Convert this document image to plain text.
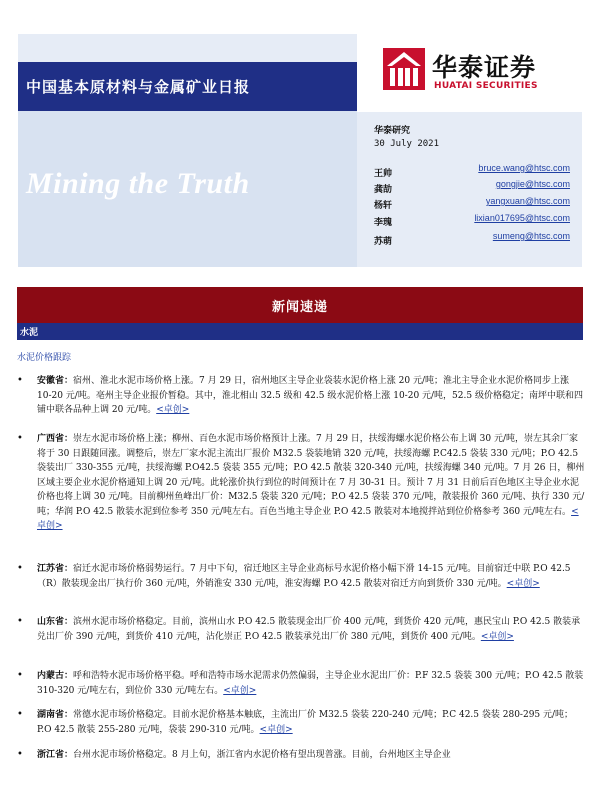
中国基本原材料与金属矿业日报
Mining the Truth
华泰证券
HUATAI SECURITIES
华泰研究
30 July 2021
王帅
bruce.wang@htsc.com
龚劼
gongjie@htsc.com
杨轩	yangxuan@htsc.com
李瑰	lixian017695@htsc.com
苏萌
sumeng@htsc.com
新闻速递
水泥
水泥价格跟踪
• 安徽省：宿州、淮北水泥市场价格上涨。7 月 29 日，宿州地区主导企业袋装水泥价格上涨 20 元/吨；淮北主导企业水泥价格同步上涨 10-20 元/吨。亳州主导企业报价暂稳。其中，淮北相山 32.5 级和 42.5 级水泥价格上涨 10-20 元/吨，52.5 级价格稳定；南坪中联和四铺中联各品种上调 20 元/吨。<卓创>
• 广西省：崇左水泥市场价格上涨；柳州、百色水泥市场价格预计上涨。7 月 29 日，扶绥海螺水泥价格公布上调 30 元/吨，崇左其余厂家将于 30 日跟随回涨。调整后，崇左厂家水泥主流出厂报价 M32.5 袋装地销 320 元/吨，扶绥海螺 P.C42.5 袋装 330 元/吨；P.O 42.5 袋装出厂 330-355 元/吨，扶绥海螺 P.O42.5 袋装 355 元/吨；P.O 42.5 散装 320-340 元/吨，扶绥海螺 340 元/吨。7 月 26 日，柳州区域主要企业水泥价格通知上调 20 元/吨。此轮涨价执行到位的时间预计在 7 月 30-31 日。预计 7 月 31 日前后百色地区主导企业水泥价格也将上调 30 元/吨。目前柳州鱼峰出厂价：M32.5 袋装 320 元/吨；P.O 42.5 袋装 370 元/吨，散装报价 360 元/吨、执行 330 元/吨；华润 P.O 42.5 散装水泥到位参考 350 元/吨左右。百色当地主导企业 P.O 42.5 散装对本地搅拌站到位价格参考 360 元/吨左右。<卓创>
• 江苏省：宿迁水泥市场价格弱势运行。7 月中下旬，宿迁地区主导企业高标号水泥价格小幅下滑 14-15 元/吨。目前宿迁中联 P.O 42.5（R）散装现金出厂执行价 360 元/吨，外销淮安 330 元/吨，淮安海螺 P.O 42.5 散装对宿迁方向到货价 330 元/吨。<卓创>
• 山东省：滨州水泥市场价格稳定。目前，滨州山水 P.O 42.5 散装现金出厂价 400 元/吨，到货价 420 元/吨，惠民宝山 P.O 42.5 散装承兑出厂价 390 元/吨，到货价 410 元/吨，沾化崇正 P.O 42.5 散装承兑出厂价 380 元/吨，到货价 400 元/吨。<卓创>
• 内蒙古：呼和浩特水泥市场价格平稳。呼和浩特市场水泥需求仍然偏弱，主导企业水泥出厂价：P.F 32.5 袋装 300 元/吨；P.O 42.5 散装 310-320 元/吨左右，到位价 330 元/吨左右。<卓创>
• 湖南省：常德水泥市场价格稳定。目前水泥价格基本触底，主流出厂价 M32.5 袋装 220-240 元/吨；P.C 42.5 袋装 280-295 元/吨；P.O 42.5 散装 255-280 元/吨，袋装 290-310 元/吨。<卓创>
• 浙江省：台州水泥市场价格稳定。8 月上旬，浙江省内水泥价格有望出现普涨。目前，台州地区主导企业
